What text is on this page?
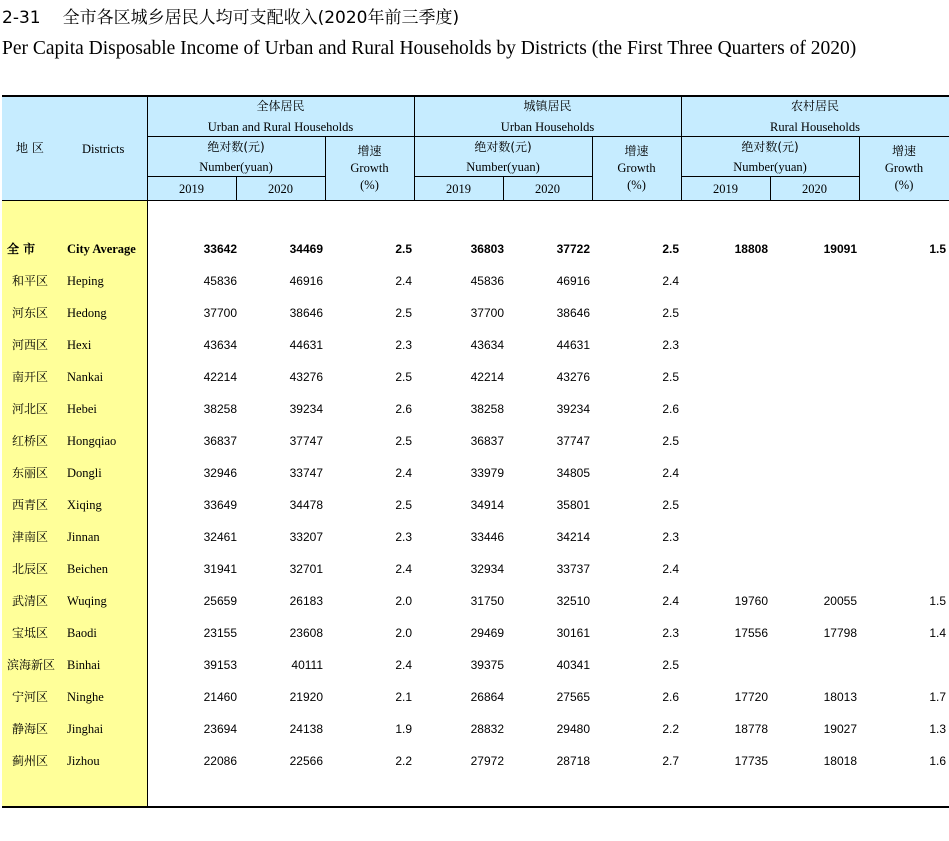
2-31 全市各区城乡居民人均可支配收入(2020年前三季度)
Per Capita Disposable Income of Urban and Rural Households by Districts (the First Three Quarters of 2020)
地 区	Districts
全体居民
Urban and Rural Households
城镇居民
Urban Households
农村居民
Rural Households
绝对数(元)
Number(yuan)
绝对数(元)
Number(yuan)
绝对数(元)
Number(yuan)
增速
Growth
(%)
增速
Growth
(%)
增速
Growth
(%)
2019	2020	2019	2020	2019	2020
全 市	City Average	33642	34469	2.5	36803	37722	2.5	18808	19091	1.5
和平区 Heping	45836	46916	2.4	45836	46916	2.4
河东区 Hedong	37700	38646	2.5	37700	38646	2.5
河西区 Hexi	43634	44631	2.3	43634	44631	2.3
南开区 Nankai	42214	43276	2.5	42214	43276	2.5
河北区 Hebei	38258	39234	2.6	38258	39234	2.6
红桥区 Hongqiao	36837	37747	2.5	36837	37747	2.5
东丽区 Dongli	32946	33747	2.4	33979	34805	2.4
西青区 Xiqing	33649	34478	2.5	34914	35801	2.5
津南区 Jinnan	32461	33207	2.3	33446	34214	2.3
北辰区 Beichen	31941	32701	2.4	32934	33737	2.4
武清区 Wuqing	25659	26183	2.0	31750	32510	2.4	19760	20055	1.5
宝坻区 Baodi	23155	23608	2.0	29469	30161	2.3	17556	17798	1.4
滨海新区 Binhai	39153	40111	2.4	39375	40341	2.5
宁河区 Ninghe	21460	21920	2.1	26864	27565	2.6	17720	18013	1.7
静海区 Jinghai	23694	24138	1.9	28832	29480	2.2	18778	19027	1.3
蓟州区 Jizhou	22086	22566	2.2	27972	28718	2.7	17735	18018	1.6
